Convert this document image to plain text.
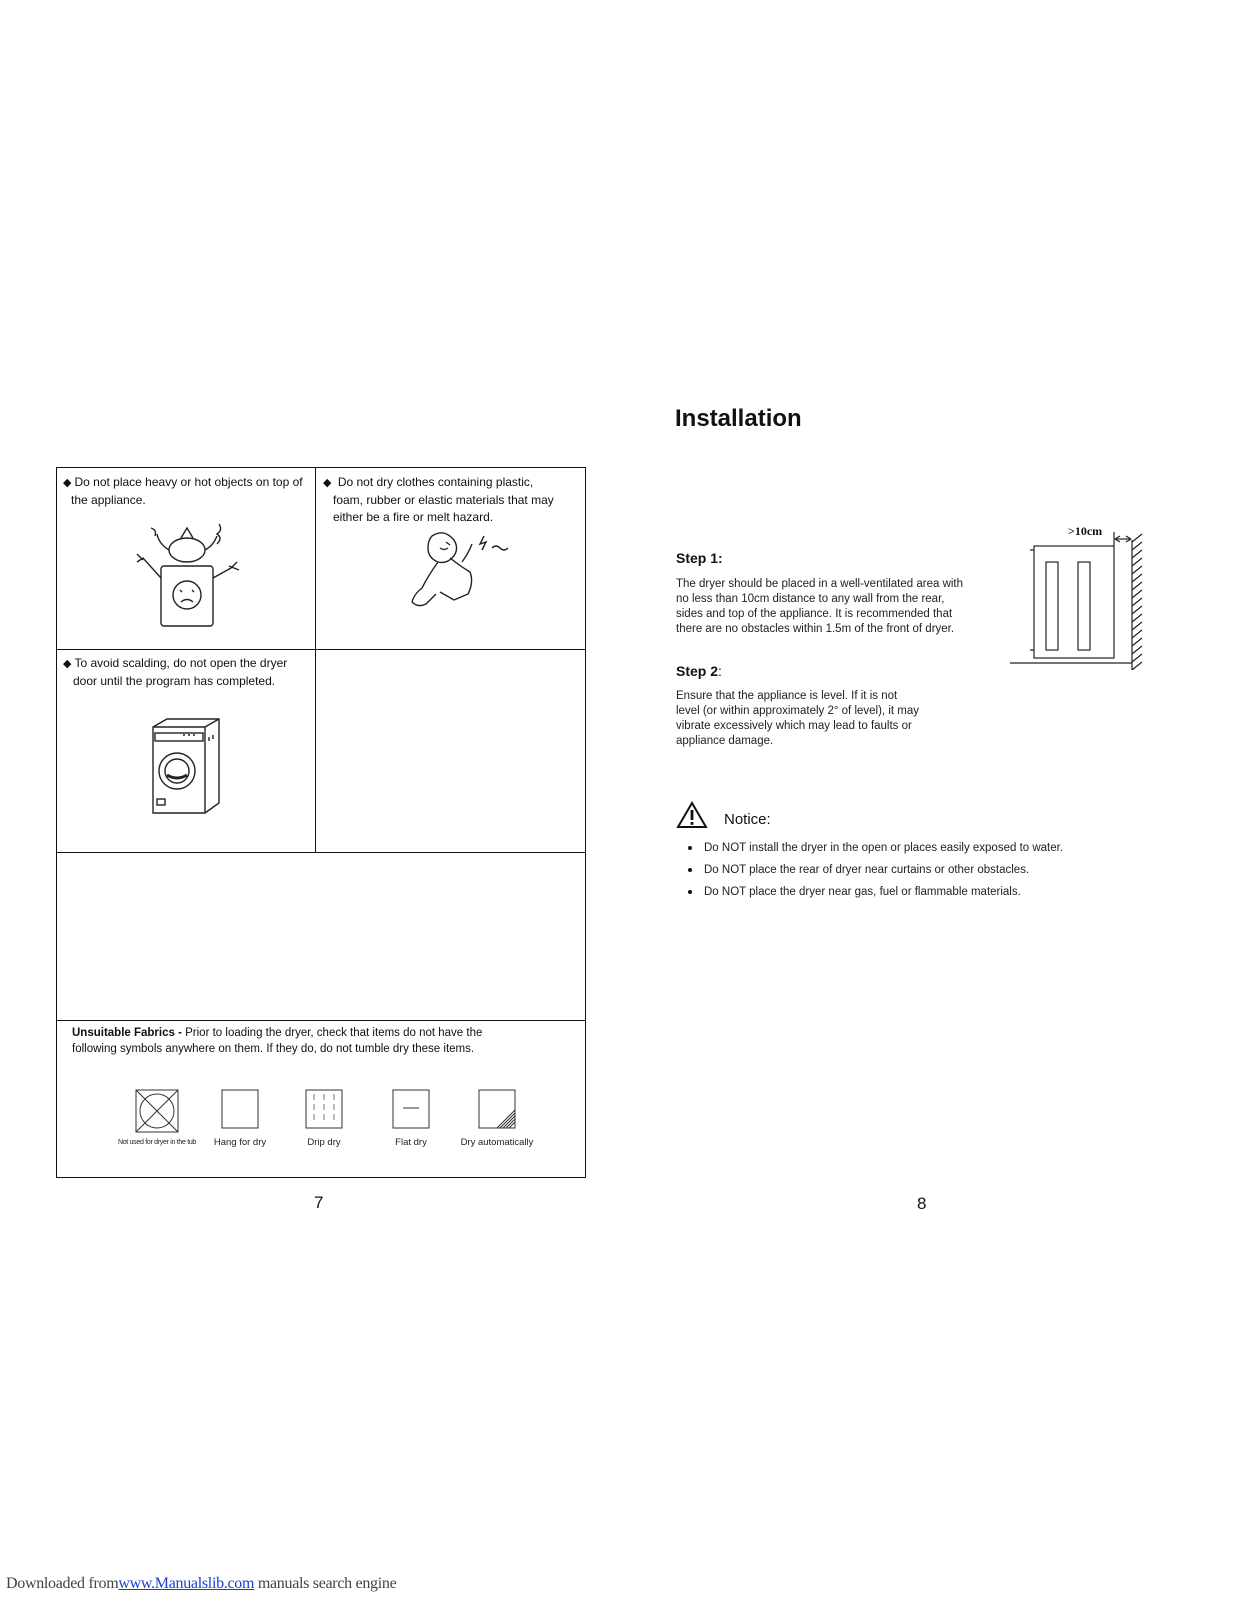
◆ Do not place heavy or hot objects on top of
the appliance.
◆ Do not dry clothes containing plastic,
foam, rubber or elastic materials that may
either be a fire or melt hazard.
◆ To avoid scalding, do not open the dryer
door until the program has completed.
Unsuitable Fabrics - Prior to loading the dryer, check that items do not have the
following symbols anywhere on them. If they do, do not tumble dry these items.
Not used for dryer in the tub	Hang for dry	Drip dry	Flat dry	Dry automatically
7
Installation
Step 1:
The dryer should be placed in a well-ventilated area with
no less than 10cm distance to any wall from the rear,
sides and top of the appliance. It is recommended that
there are no obstacles within 1.5m of the front of dryer.
Step 2:
Ensure that the appliance is level. If it is not
level (or within approximately 2° of level), it may
vibrate excessively which may lead to faults or
appliance damage.
>10cm
Notice:
Do NOT install the dryer in the open or places easily exposed to water.
Do NOT place the rear of dryer near curtains or other obstacles.
Do NOT place the dryer near gas, fuel or flammable materials.
8
Downloaded fromwww.Manualslib.com manuals search engine
